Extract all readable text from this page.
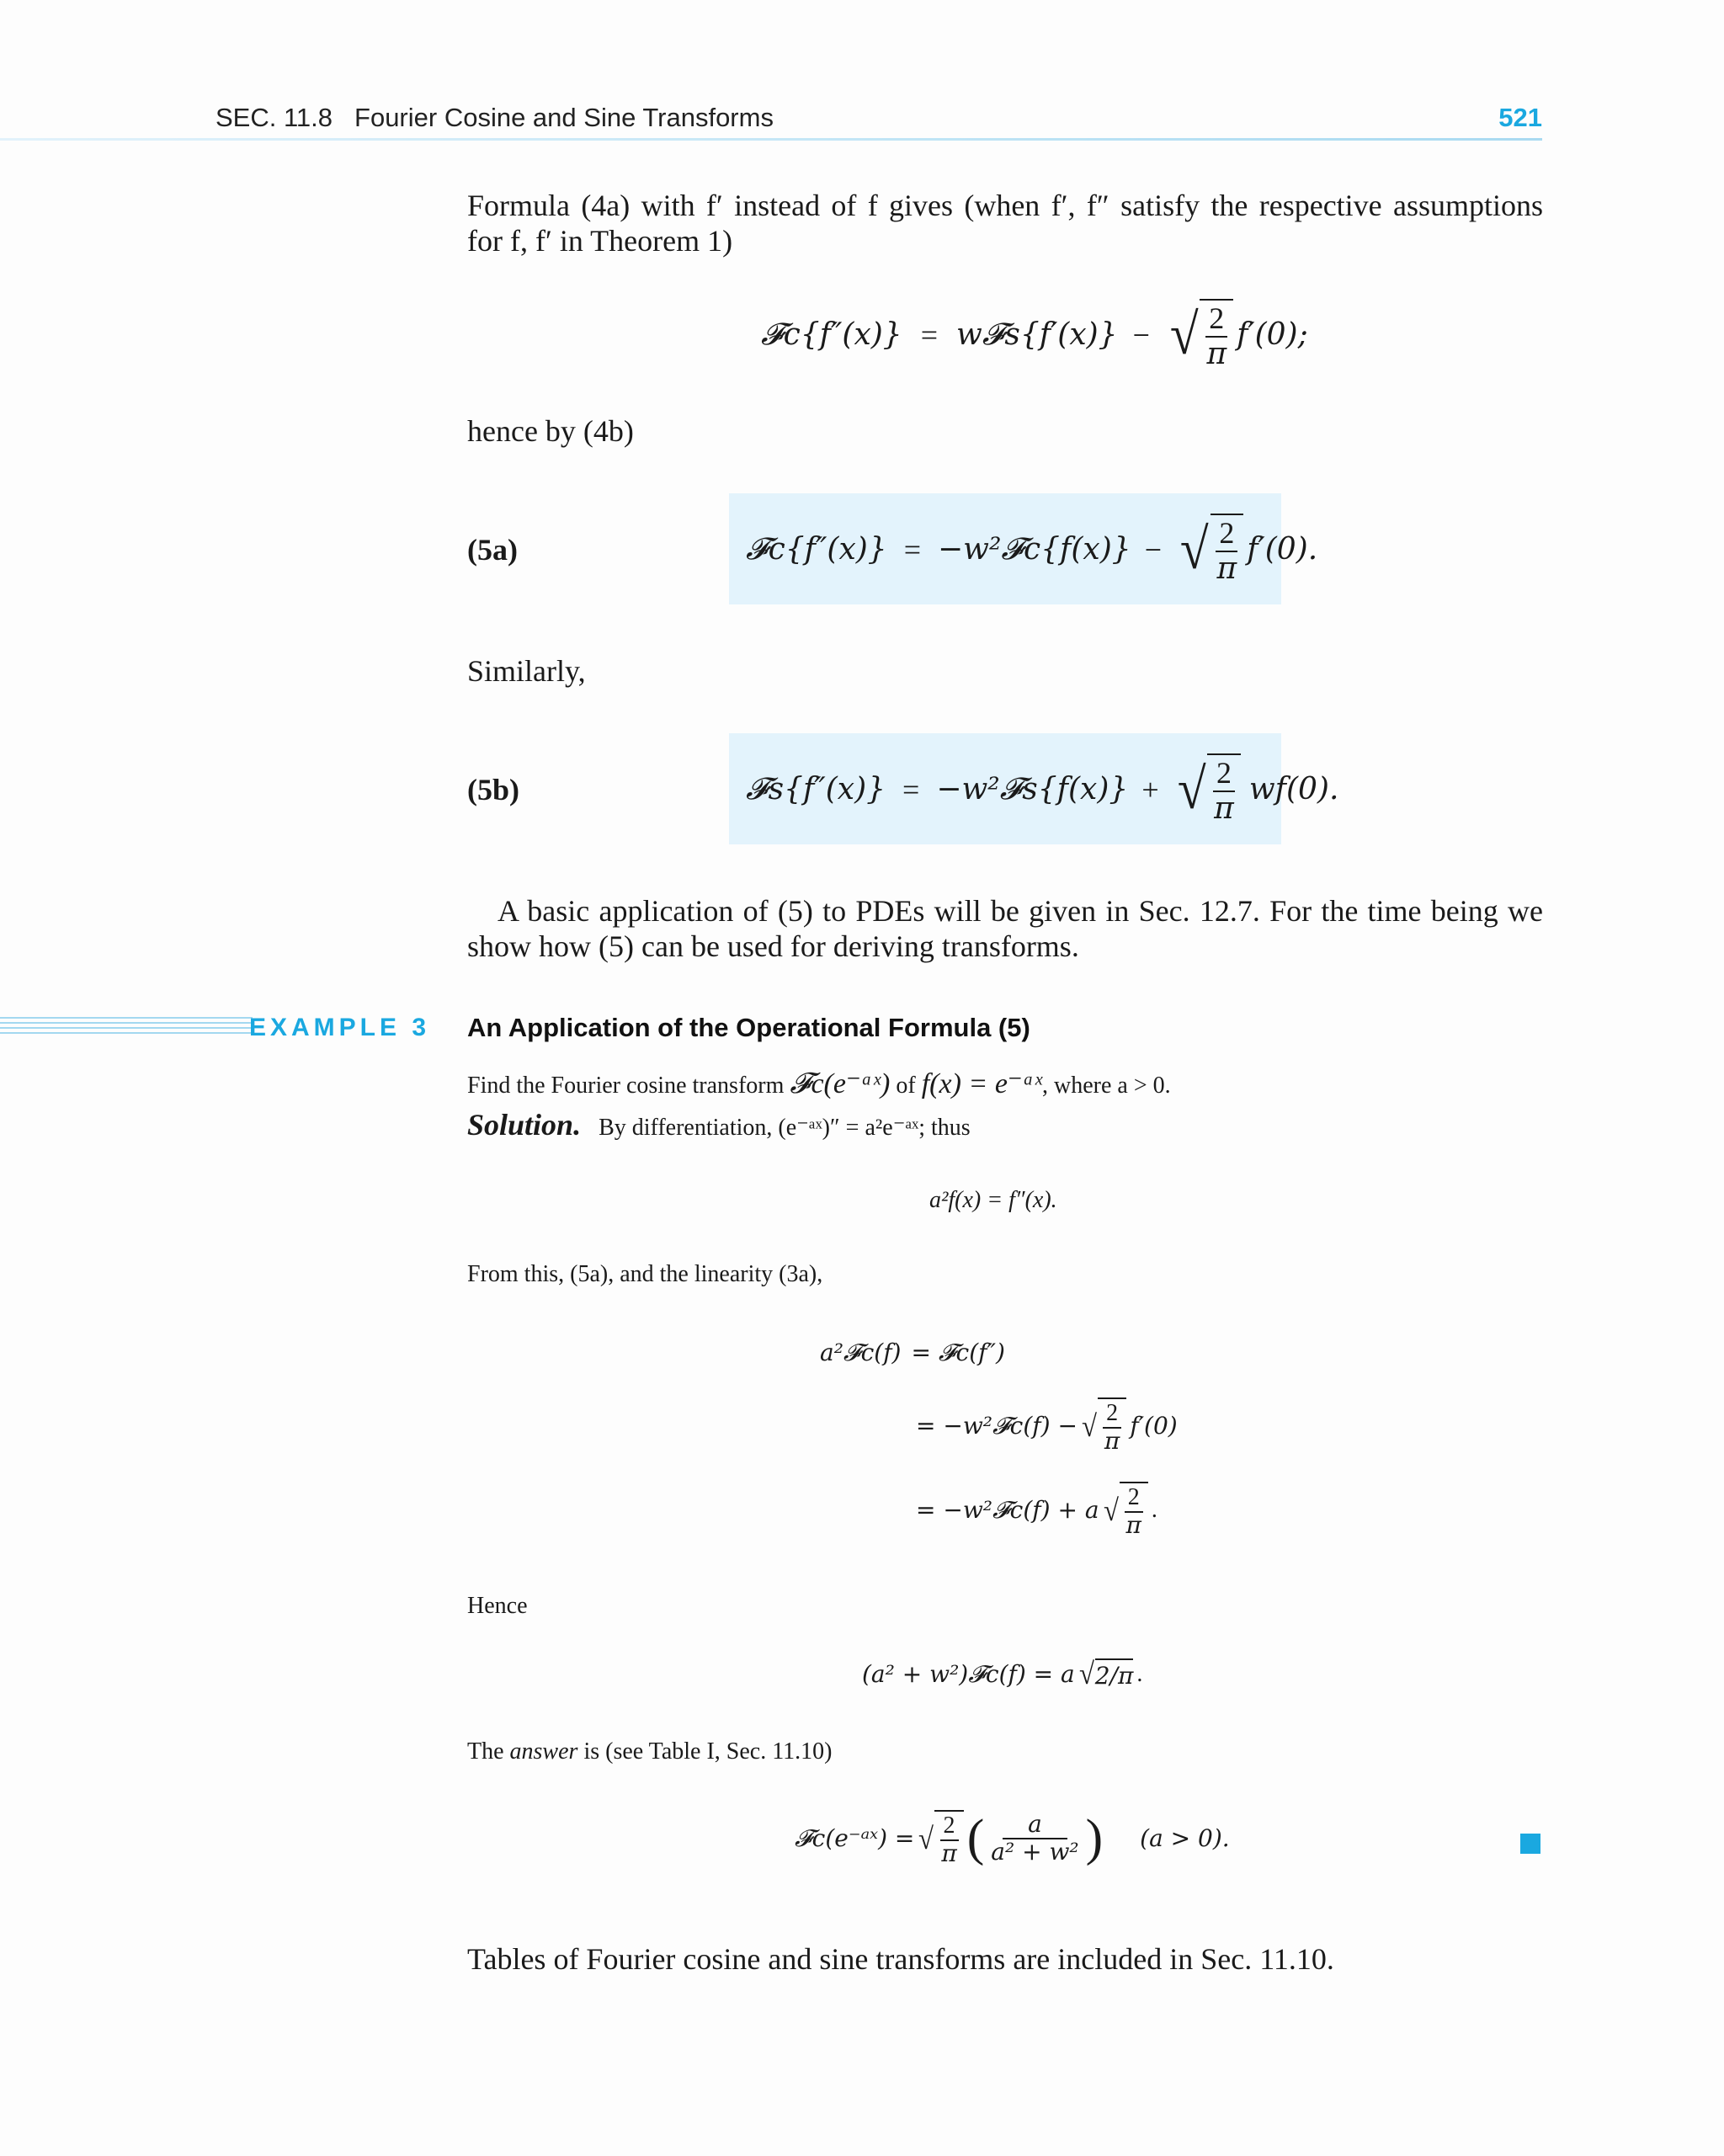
SEC. 11.8 Fourier Cosine and Sine Transforms	521
Formula (4a) with f′ instead of f gives (when f′, f″ satisfy the respective assumptions
for f, f′ in Theorem 1)
𝓕c{f″(x)} = w𝓕s{f′(x)} − √ $\frac{2}{\pi} f'(0)$;
hence by (4b)
(5a)	𝓕c{f″(x)} = −w²𝓕c{f(x)} − √ $\frac{2}{\pi} f'(0)$.
Similarly,
(5b)	𝓕s{f″(x)} = −w²𝓕s{f(x)} + √ $\frac{2}{\pi} wf(0)$.
A basic application of (5) to PDEs will be given in Sec. 12.7. For the time being we
show how (5) can be used for deriving transforms.
EXAMPLE 3 An Application of the Operational Formula (5)
Find the Fourier cosine transform 𝓕c(e⁻ᵃˣ) of f(x) = e⁻ᵃˣ, where a > 0.
Solution. By differentiation, (e⁻ᵃˣ)″ = a²e⁻ᵃˣ; thus
a²f(x) = f″(x).
From this, (5a), and the linearity (3a),
a²𝓕c(f) = 𝓕c(f″)
= −w²𝓕c(f) − √ $\frac{2}{\pi} f'(0)$
= −w²𝓕c(f) + a √ $\frac{2}{\pi}$ .
Hence
(a² + w²)𝓕c(f) = a √ 2/π .
The answer is (see Table I, Sec. 11.10)
𝓕c(e⁻ᵃˣ) = √ $\frac{2}{\pi}$ ( $\frac{a}{\text{a² + w²}}$ ) (a > 0).
Tables of Fourier cosine and sine transforms are included in Sec. 11.10.
